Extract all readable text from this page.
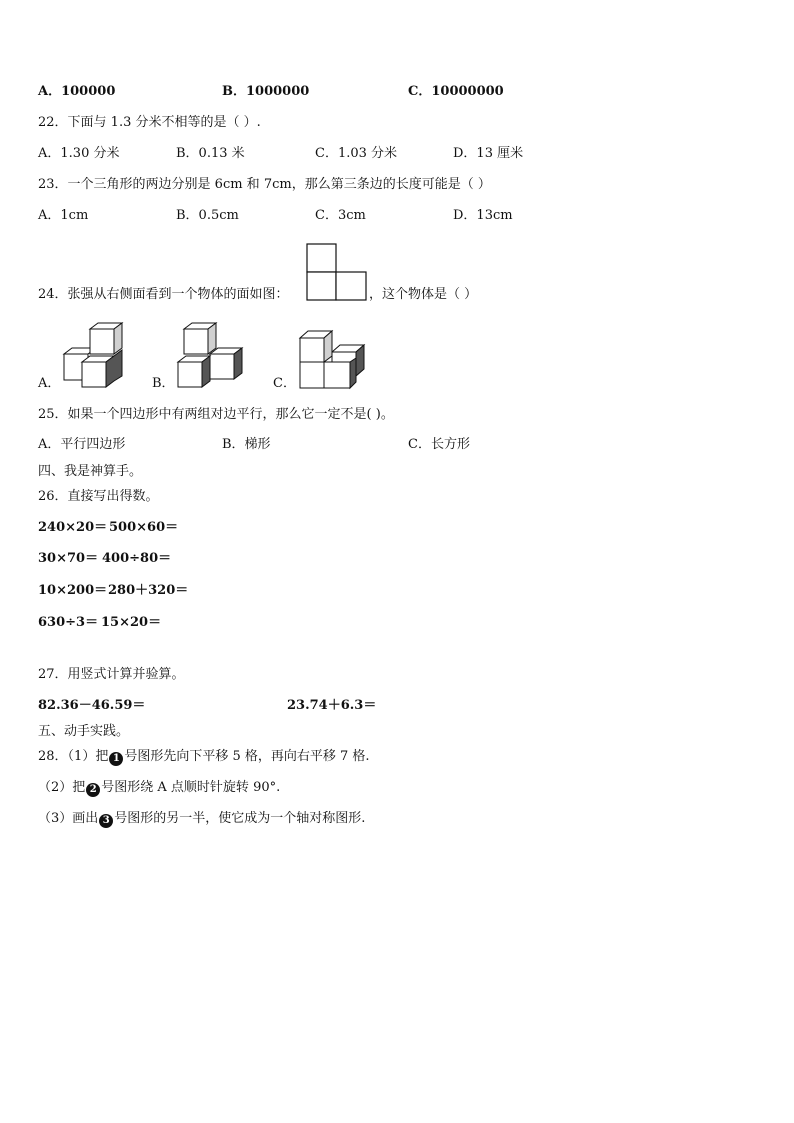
A．100000	B．1000000	C．10000000
22．下面与 1.3 分米不相等的是（ ）.
A．1.30 分米	B．0.13 米	C．1.03 分米	D．13 厘米
23．一个三角形的两边分别是 6cm 和 7cm，那么第三条边的长度可能是（ ）
A．1cm	B．0.5cm	C．3cm	D．13cm
24．张强从右侧面看到一个物体的面如图：	，这个物体是（ ）
A．	B．	C．
25．如果一个四边形中有两组对边平行，那么它一定不是( )。
A．平行四边形	B．梯形	C．长方形
四、我是神算手。
26．直接写出得数。
240×20＝ 500×60＝
30×70＝ 400÷80＝
10×200＝ 280＋320＝
630÷3＝ 15×20＝
27．用竖式计算并验算。
82.36－46.59＝	23.74＋6.3＝
五、动手实践。
28．（1）把 1 号图形先向下平移 5 格，再向右平移 7 格.
（2）把 2 号图形绕 A 点顺时针旋转 90°.
（3）画出 3 号图形的另一半，使它成为一个轴对称图形.
